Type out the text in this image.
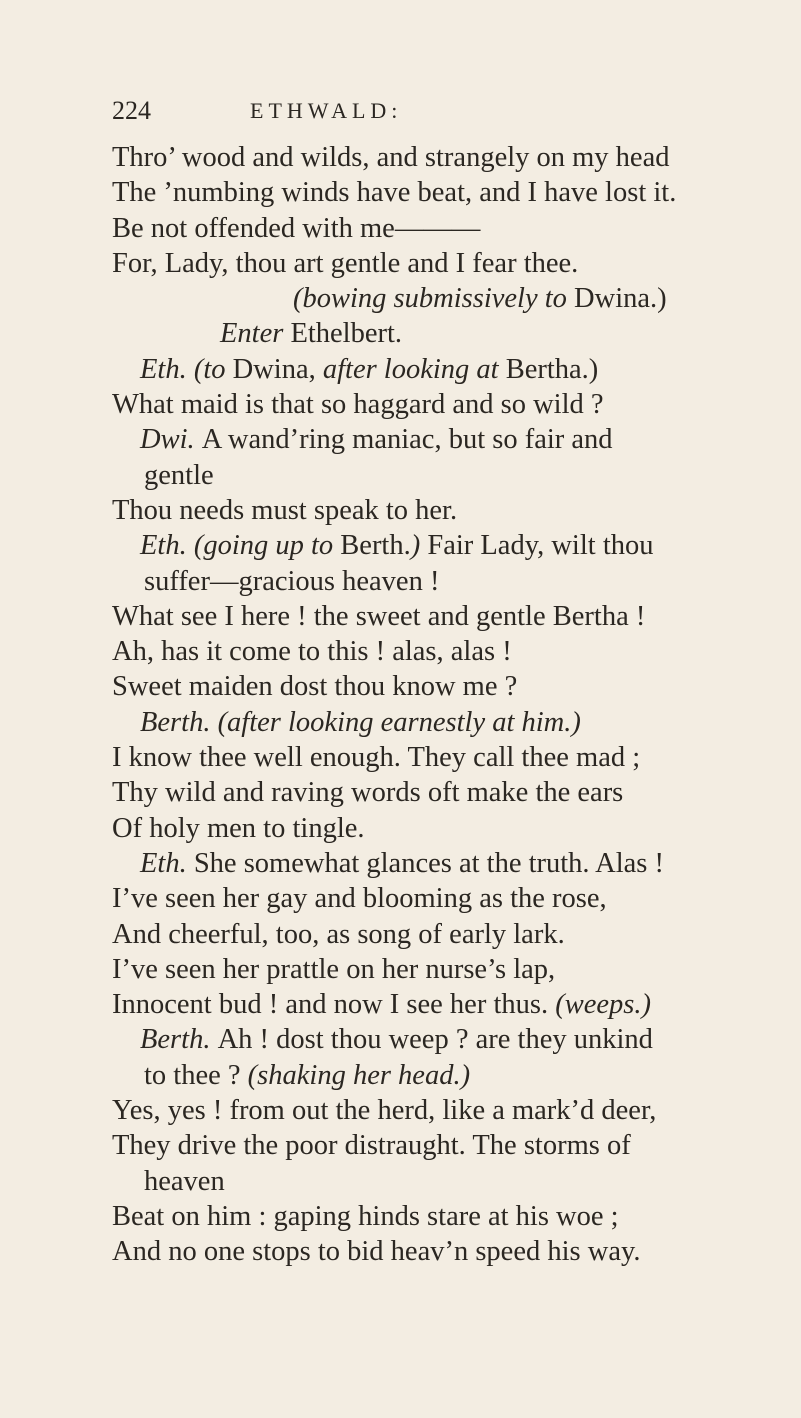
224	ETHWALD:
Thro’ wood and wilds, and strangely on my head
The ’numbing winds have beat, and I have lost it.
Be not offended with me———
For, Lady, thou art gentle and I fear thee.
(bowing submissively to Dwina.)
Enter Ethelbert.
Eth. (to Dwina, after looking at Bertha.)
What maid is that so haggard and so wild ?
Dwi. A wand’ring maniac, but so fair and
gentle
Thou needs must speak to her.
Eth. (going up to Berth.) Fair Lady, wilt thou
suffer—gracious heaven !
What see I here ! the sweet and gentle Bertha !
Ah, has it come to this ! alas, alas !
Sweet maiden dost thou know me ?
Berth. (after looking earnestly at him.)
I know thee well enough. They call thee mad ;
Thy wild and raving words oft make the ears
Of holy men to tingle.
Eth. She somewhat glances at the truth. Alas !
I’ve seen her gay and blooming as the rose,
And cheerful, too, as song of early lark.
I’ve seen her prattle on her nurse’s lap,
Innocent bud ! and now I see her thus. (weeps.)
Berth. Ah ! dost thou weep ? are they unkind
to thee ? (shaking her head.)
Yes, yes ! from out the herd, like a mark’d deer,
They drive the poor distraught. The storms of
heaven
Beat on him : gaping hinds stare at his woe ;
And no one stops to bid heav’n speed his way.
